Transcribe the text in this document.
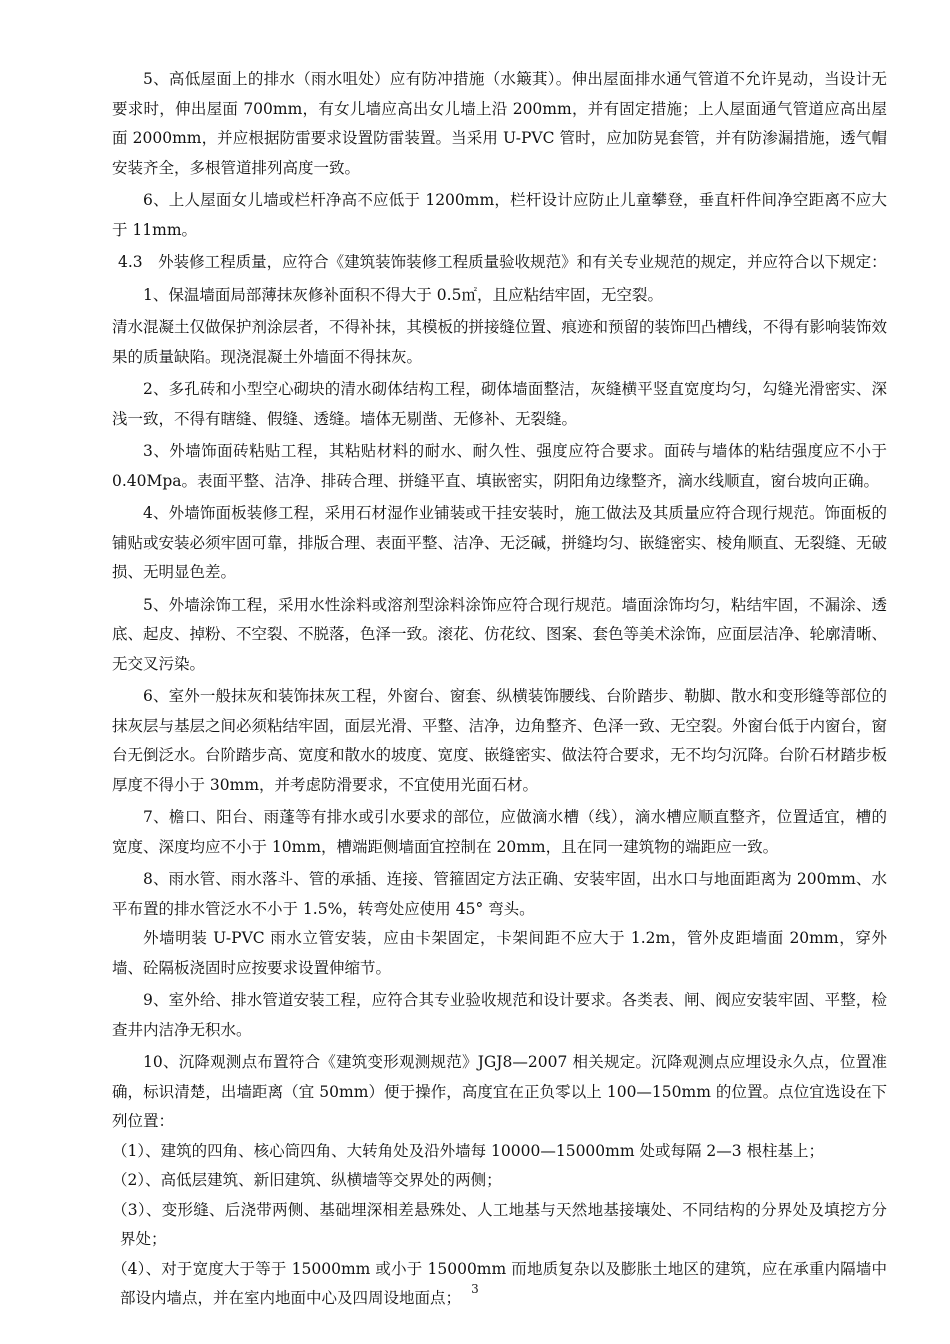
5、高低屋面上的排水（雨水咀处）应有防冲措施（水簸萁）。伸出屋面排水通气管道不允许晃动，当设计无要求时，伸出屋面 700mm，有女儿墙应高出女儿墙上沿 200mm，并有固定措施；上人屋面通气管道应高出屋面 2000mm，并应根据防雷要求设置防雷装置。当采用 U-PVC 管时，应加防晃套管，并有防渗漏措施，透气帽安装齐全，多根管道排列高度一致。

6、上人屋面女儿墙或栏杆净高不应低于 1200mm，栏杆设计应防止儿童攀登，垂直杆件间净空距离不应大于 11mm。

4.3　外装修工程质量，应符合《建筑装饰装修工程质量验收规范》和有关专业规范的规定，并应符合以下规定：

1、保温墙面局部薄抹灰修补面积不得大于 0.5㎡，且应粘结牢固，无空裂。

清水混凝土仅做保护剂涂层者，不得补抹，其模板的拼接缝位置、痕迹和预留的装饰凹凸槽线，不得有影响装饰效果的质量缺陷。现浇混凝土外墙面不得抹灰。

2、多孔砖和小型空心砌块的清水砌体结构工程，砌体墙面整洁，灰缝横平竖直宽度均匀，勾缝光滑密实、深浅一致，不得有瞎缝、假缝、透缝。墙体无剔凿、无修补、无裂缝。

3、外墙饰面砖粘贴工程，其粘贴材料的耐水、耐久性、强度应符合要求。面砖与墙体的粘结强度应不小于 0.40Mpa。表面平整、洁净、排砖合理、拼缝平直、填嵌密实，阴阳角边缘整齐，滴水线顺直，窗台坡向正确。

4、外墙饰面板装修工程，采用石材湿作业铺装或干挂安装时，施工做法及其质量应符合现行规范。饰面板的铺贴或安装必须牢固可靠，排版合理、表面平整、洁净、无泛碱，拼缝均匀、嵌缝密实、棱角顺直、无裂缝、无破损、无明显色差。

5、外墙涂饰工程，采用水性涂料或溶剂型涂料涂饰应符合现行规范。墙面涂饰均匀，粘结牢固，不漏涂、透底、起皮、掉粉、不空裂、不脱落，色泽一致。滚花、仿花纹、图案、套色等美术涂饰，应面层洁净、轮廓清晰、无交叉污染。

6、室外一般抹灰和装饰抹灰工程，外窗台、窗套、纵横装饰腰线、台阶踏步、勒脚、散水和变形缝等部位的抹灰层与基层之间必须粘结牢固，面层光滑、平整、洁净，边角整齐、色泽一致、无空裂。外窗台低于内窗台，窗台无倒泛水。台阶踏步高、宽度和散水的坡度、宽度、嵌缝密实、做法符合要求，无不均匀沉降。台阶石材踏步板厚度不得小于 30mm，并考虑防滑要求，不宜使用光面石材。

7、檐口、阳台、雨蓬等有排水或引水要求的部位，应做滴水槽（线），滴水槽应顺直整齐，位置适宜，槽的宽度、深度均应不小于 10mm，槽端距侧墙面宜控制在 20mm，且在同一建筑物的端距应一致。

8、雨水管、雨水落斗、管的承插、连接、管箍固定方法正确、安装牢固，出水口与地面距离为 200mm、水平布置的排水管泛水不小于 1.5%，转弯处应使用 45° 弯头。

外墙明装 U-PVC 雨水立管安装，应由卡架固定，卡架间距不应大于 1.2m，管外皮距墙面 20mm，穿外墙、砼隔板浇固时应按要求设置伸缩节。

9、室外给、排水管道安装工程，应符合其专业验收规范和设计要求。各类表、闸、阀应安装牢固、平整，检查井内洁净无积水。

10、沉降观测点布置符合《建筑变形观测规范》JGJ8—2007 相关规定。沉降观测点应埋设永久点，位置准确，标识清楚，出墙距离（宜 50mm）便于操作，高度宜在正负零以上 100—150mm 的位置。点位宜选设在下列位置：

（1）、建筑的四角、核心筒四角、大转角处及沿外墙每 10000—15000mm 处或每隔 2—3 根柱基上；

（2）、高低层建筑、新旧建筑、纵横墙等交界处的两侧；

（3）、变形缝、后浇带两侧、基础埋深相差悬殊处、人工地基与天然地基接壤处、不同结构的分界处及填挖方分界处；

（4）、对于宽度大于等于 15000mm 或小于 15000mm 而地质复杂以及膨胀土地区的建筑，应在承重内隔墙中部设内墙点，并在室内地面中心及四周设地面点； 3
